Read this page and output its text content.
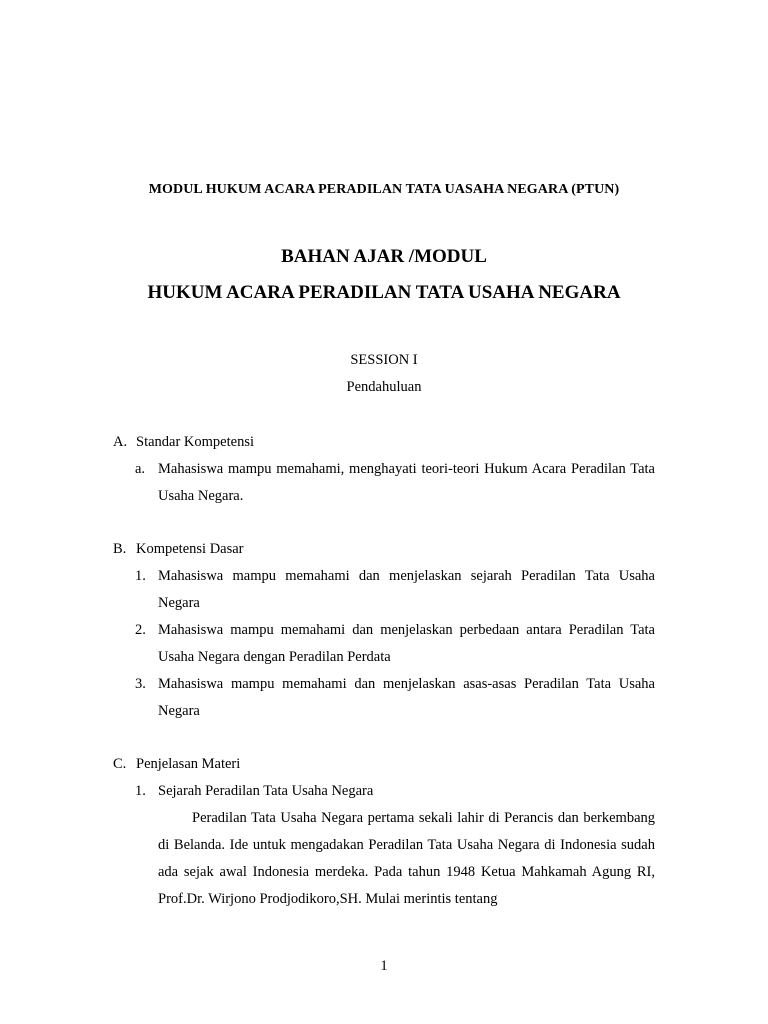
MODUL HUKUM ACARA PERADILAN TATA UASAHA NEGARA (PTUN)
BAHAN AJAR /MODUL
HUKUM ACARA PERADILAN TATA USAHA NEGARA
SESSION I
Pendahuluan
A. Standar Kompetensi
a. Mahasiswa mampu memahami, menghayati teori-teori Hukum Acara Peradilan Tata Usaha Negara.
B. Kompetensi Dasar
1. Mahasiswa mampu memahami dan menjelaskan sejarah Peradilan Tata Usaha Negara
2. Mahasiswa mampu memahami dan menjelaskan perbedaan antara Peradilan Tata Usaha Negara dengan Peradilan Perdata
3. Mahasiswa mampu memahami dan menjelaskan asas-asas Peradilan Tata Usaha Negara
C. Penjelasan Materi
1. Sejarah Peradilan Tata Usaha Negara
Peradilan Tata Usaha Negara pertama sekali lahir di Perancis dan berkembang di Belanda. Ide untuk mengadakan Peradilan Tata Usaha Negara di Indonesia sudah ada sejak awal Indonesia merdeka. Pada tahun 1948 Ketua Mahkamah Agung RI, Prof.Dr. Wirjono Prodjodikoro,SH. Mulai merintis tentang
1
